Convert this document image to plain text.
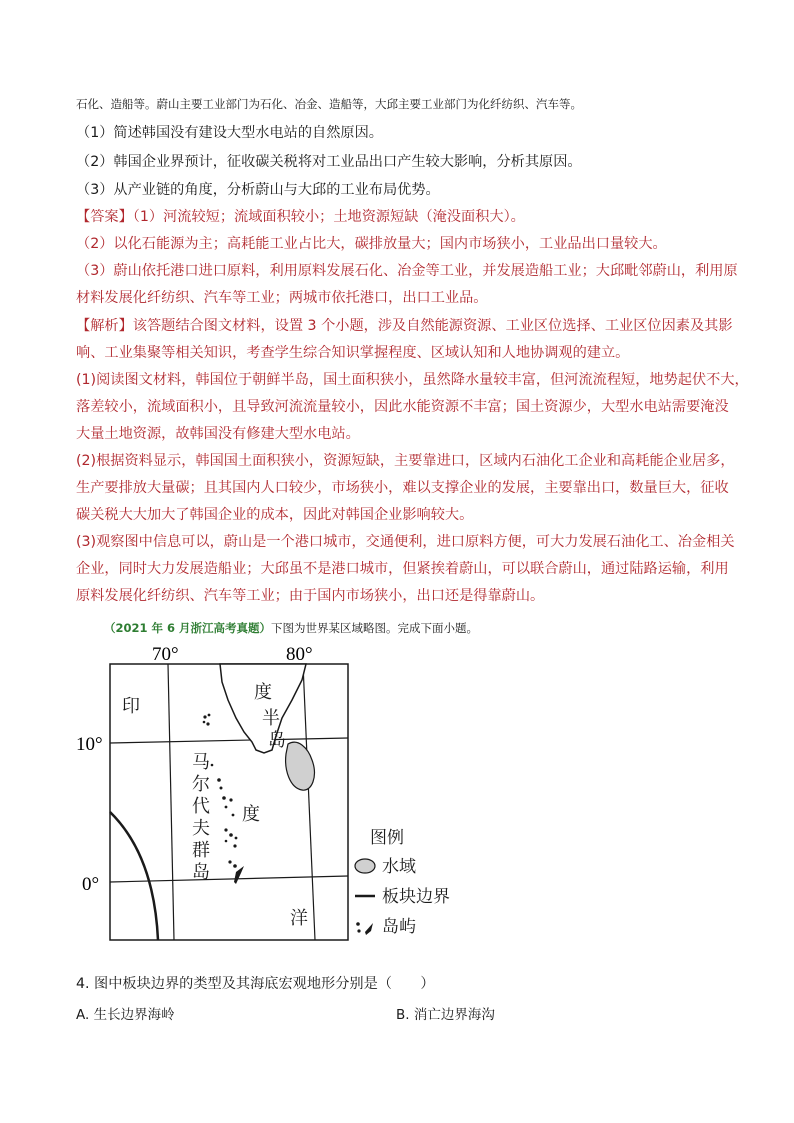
石化、造船等。蔚山主要工业部门为石化、冶金、造船等，大邱主要工业部门为化纤纺织、汽车等。
（1）简述韩国没有建设大型水电站的自然原因。
（2）韩国企业界预计，征收碳关税将对工业品出口产生较大影响，分析其原因。
（3）从产业链的角度，分析蔚山与大邱的工业布局优势。
【答案】（1）河流较短；流域面积较小；土地资源短缺（淹没面积大）。
（2）以化石能源为主；高耗能工业占比大，碳排放量大；国内市场狭小，工业品出口量较大。
（3）蔚山依托港口进口原料，利用原料发展石化、冶金等工业，并发展造船工业；大邱毗邻蔚山，利用原
材料发展化纤纺织、汽车等工业；两城市依托港口，出口工业品。
【解析】该答题结合图文材料，设置 3 个小题，涉及自然能源资源、工业区位选择、工业区位因素及其影
响、工业集聚等相关知识，考查学生综合知识掌握程度、区域认知和人地协调观的建立。
(1)阅读图文材料，韩国位于朝鲜半岛，国土面积狭小，虽然降水量较丰富，但河流流程短，地势起伏不大，
落差较小，流域面积小，且导致河流流量较小，因此水能资源不丰富；国土资源少，大型水电站需要淹没
大量土地资源，故韩国没有修建大型水电站。
(2)根据资料显示，韩国国土面积狭小，资源短缺，主要靠进口，区域内石油化工企业和高耗能企业居多，
生产要排放大量碳；且其国内人口较少，市场狭小，难以支撑企业的发展，主要靠出口，数量巨大，征收
碳关税大大加大了韩国企业的成本，因此对韩国企业影响较大。
(3)观察图中信息可以，蔚山是一个港口城市，交通便利，进口原料方便，可大力发展石油化工、冶金相关
企业，同时大力发展造船业；大邱虽不是港口城市，但紧挨着蔚山，可以联合蔚山，通过陆路运输，利用
原料发展化纤纺织、汽车等工业；由于国内市场狭小，出口还是得靠蔚山。
（2021 年 6 月浙江高考真题）下图为世界某区域略图。完成下面小题。
70°	80°
10°
0°
印
度
半
岛
度
洋
马
尔
代
夫
群
岛
图例
水域
板块边界
岛屿
4. 图中板块边界的类型及其海底宏观地形分别是（　　）
A. 生长边界海岭	B. 消亡边界海沟
